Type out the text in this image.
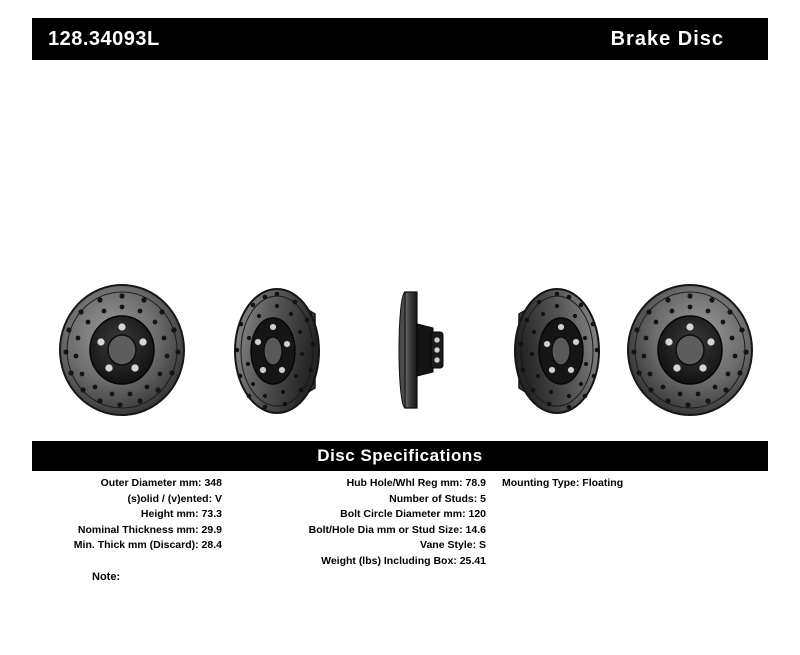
128.34093L	Brake Disc
Disc Specifications
Outer Diameter mm: 348
(s)olid / (v)ented: V
Height mm: 73.3
Nominal Thickness mm: 29.9
Min. Thick mm (Discard): 28.4
Hub Hole/Whl Reg mm: 78.9
Number of Studs: 5
Bolt Circle Diameter mm: 120
Bolt/Hole Dia mm or Stud Size: 14.6
Vane Style: S
Weight (lbs) Including Box: 25.41
Mounting Type: Floating
Note:
